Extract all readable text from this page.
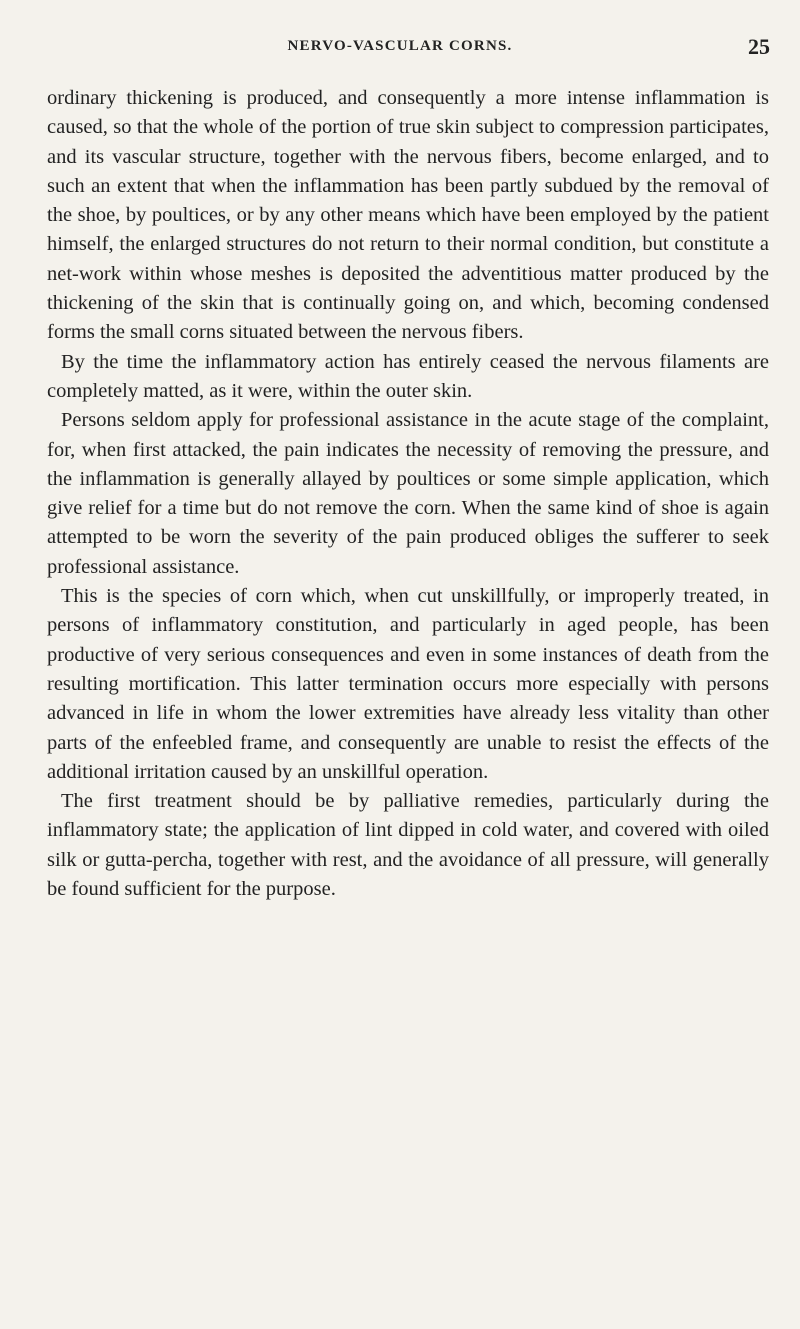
NERVO-VASCULAR CORNS.	25

ordinary thickening is produced, and consequently a more intense inflammation is caused, so that the whole of the portion of true skin subject to compression participates, and its vascular structure, together with the nervous fibers, become enlarged, and to such an extent that when the inflammation has been partly subdued by the removal of the shoe, by poultices, or by any other means which have been employed by the patient himself, the enlarged structures do not return to their normal condition, but constitute a net-work within whose meshes is deposited the adventitious matter produced by the thickening of the skin that is continually going on, and which, becoming condensed forms the small corns situated between the nervous fibers.

By the time the inflammatory action has entirely ceased the nervous filaments are completely matted, as it were, within the outer skin.

Persons seldom apply for professional assistance in the acute stage of the complaint, for, when first attacked, the pain indicates the necessity of removing the pressure, and the inflammation is generally allayed by poultices or some simple application, which give relief for a time but do not remove the corn. When the same kind of shoe is again attempted to be worn the severity of the pain produced obliges the sufferer to seek professional assistance.

This is the species of corn which, when cut unskillfully, or improperly treated, in persons of inflammatory constitution, and particularly in aged people, has been productive of very serious consequences and even in some instances of death from the resulting mortification. This latter termination occurs more especially with persons advanced in life in whom the lower extremities have already less vitality than other parts of the enfeebled frame, and consequently are unable to resist the effects of the additional irritation caused by an unskillful operation.

The first treatment should be by palliative remedies, particularly during the inflammatory state; the application of lint dipped in cold water, and covered with oiled silk or gutta-percha, together with rest, and the avoidance of all pressure, will generally be found sufficient for the purpose.
